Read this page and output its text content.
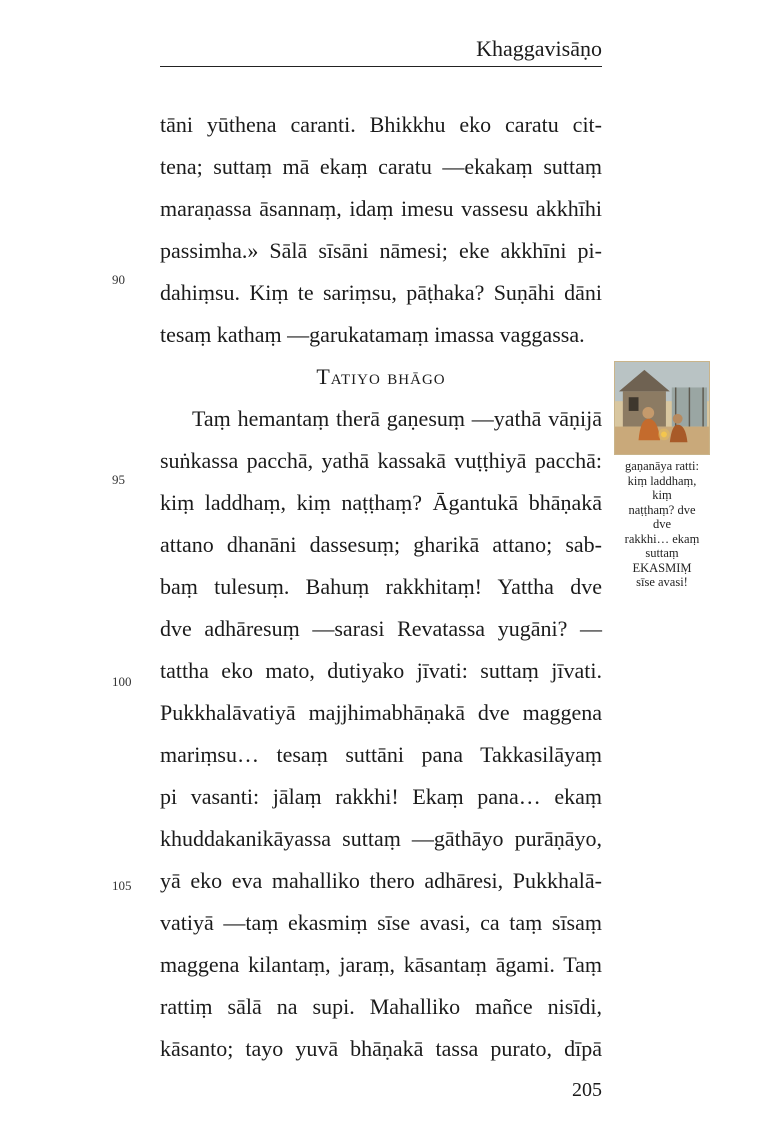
Khaggavisāṇo
tāni yūthena caranti. Bhikkhu eko caratu cit-
tena; suttaṃ mā ekaṃ caratu —ekakaṃ suttaṃ
maraṇassa āsannaṃ, idaṃ imesu vassesu akkhīhi
passimha.» Sālā sīsāni nāmesi; eke akkhīni pi-
dahiṃsu. Kiṃ te sariṃsu, pāṭhaka? Suṇāhi dāni
tesaṃ kathaṃ —garukatamaṃ imassa vaggassa.
Tatiyo bhāgo
Taṃ hemantaṃ therā gaṇesuṃ —yathā vāṇijā
suṅkassa pacchā, yathā kassakā vuṭṭhiyā pacchā:
kiṃ laddhaṃ, kiṃ naṭṭhaṃ? Āgantukā bhāṇakā
attano dhanāni dassesuṃ; gharikā attano; sab-
baṃ tulesuṃ. Bahuṃ rakkhitaṃ! Yattha dve
dve adhāresuṃ —sarasi Revatassa yugāni? —
tattha eko mato, dutiyako jīvati: suttaṃ jīvati.
Pukkhalāvatiyā majjhimabhāṇakā dve maggena
mariṃsu… tesaṃ suttāni pana Takkasilāyaṃ
pi vasanti: jālaṃ rakkhi! Ekaṃ pana… ekaṃ
khuddakanikāyassa suttaṃ —gāthāyo purāṇāyo,
yā eko eva mahalliko thero adhāresi, Pukkhalā-
vatiyā —taṃ ekasmiṃ sīse avasi, ca taṃ sīsaṃ
maggena kilantaṃ, jaraṃ, kāsantaṃ āgami. Taṃ
rattiṃ sālā na supi. Mahalliko mañce nisīdi,
kāsanto; tayo yuvā bhāṇakā tassa purato, dīpā
90
95
100
105
gaṇanāya ratti:
kiṃ laddhaṃ,
kiṃ
naṭṭhaṃ? dve
dve
rakkhi… ekaṃ
suttaṃ
EKASMIṂ
sīse avasi!
205
